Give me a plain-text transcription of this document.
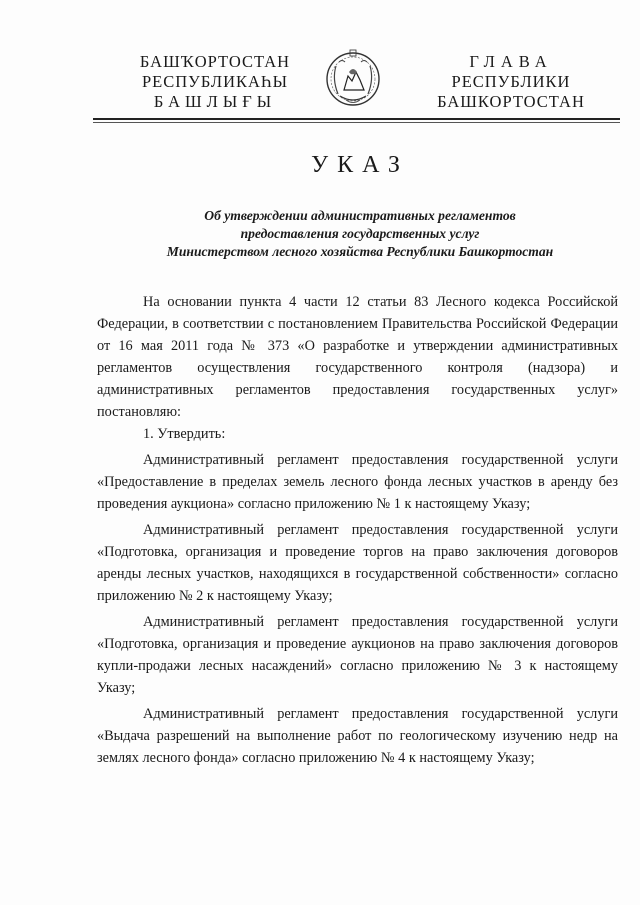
БАШҠОРТОСТАН
РЕСПУБЛИКАҺЫ
БАШЛЫҒЫ
ГЛАВА
РЕСПУБЛИКИ
БАШКОРТОСТАН
УКАЗ
Об утверждении административных регламентов
предоставления государственных услуг
Министерством лесного хозяйства Республики Башкортостан

На основании пункта 4 части 12 статьи 83 Лесного кодекса Российской Федерации, в соответствии с постановлением Правительства Российской Федерации от 16 мая 2011 года № 373 «О разработке и утверждении административных регламентов осуществления государственного контроля (надзора) и административных регламентов предоставления государственных услуг» постановляю:

1. Утвердить:

Административный регламент предоставления государственной услуги «Предоставление в пределах земель лесного фонда лесных участков в аренду без проведения аукциона» согласно приложению № 1 к настоящему Указу;

Административный регламент предоставления государственной услуги «Подготовка, организация и проведение торгов на право заключения договоров аренды лесных участков, находящихся в государственной собственности» согласно приложению № 2 к настоящему Указу;

Административный регламент предоставления государственной услуги «Подготовка, организация и проведение аукционов на право заключения договоров купли-продажи лесных насаждений» согласно приложению № 3 к настоящему Указу;

Административный регламент предоставления государственной услуги «Выдача разрешений на выполнение работ по геологическому изучению недр на землях лесного фонда» согласно приложению № 4 к настоящему Указу;
